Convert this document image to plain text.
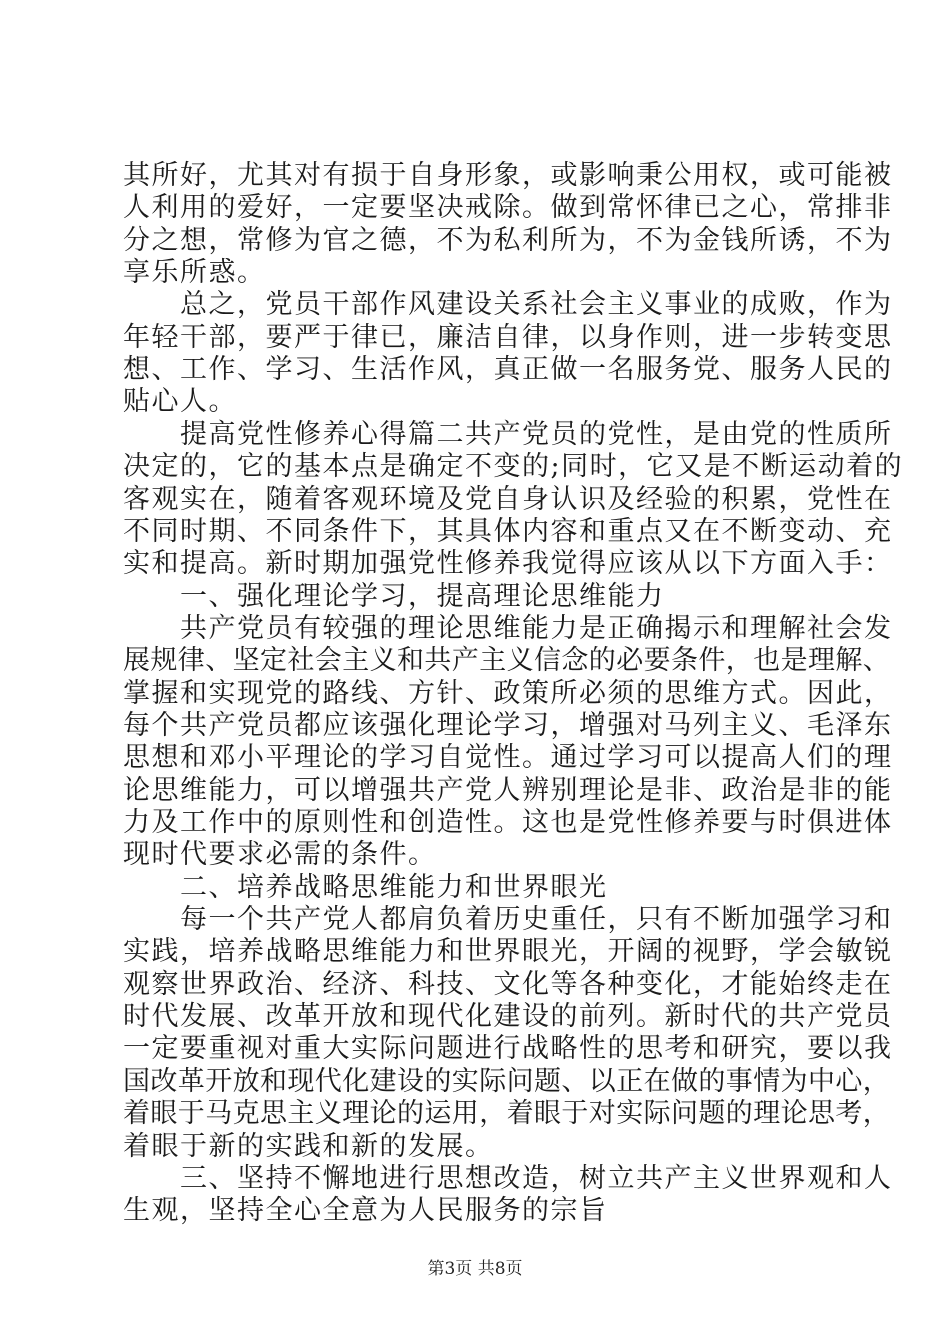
其所好，尤其对有损于自身形象，或影响秉公用权，或可能被
人利用的爱好，一定要坚决戒除。做到常怀律已之心，常排非
分之想，常修为官之德，不为私利所为，不为金钱所诱，不为
享乐所惑。
　　总之，党员干部作风建设关系社会主义事业的成败，作为
年轻干部，要严于律已，廉洁自律，以身作则，进一步转变思
想、工作、学习、生活作风，真正做一名服务党、服务人民的
贴心人。
　　提高党性修养心得篇二共产党员的党性，是由党的性质所
决定的，它的基本点是确定不变的;同时，它又是不断运动着的
客观实在，随着客观环境及党自身认识及经验的积累，党性在
不同时期、不同条件下，其具体内容和重点又在不断变动、充
实和提高。新时期加强党性修养我觉得应该从以下方面入手：
　　一、强化理论学习，提高理论思维能力
　　共产党员有较强的理论思维能力是正确揭示和理解社会发
展规律、坚定社会主义和共产主义信念的必要条件，也是理解、
掌握和实现党的路线、方针、政策所必须的思维方式。因此，
每个共产党员都应该强化理论学习，增强对马列主义、毛泽东
思想和邓小平理论的学习自觉性。通过学习可以提高人们的理
论思维能力，可以增强共产党人辨别理论是非、政治是非的能
力及工作中的原则性和创造性。这也是党性修养要与时俱进体
现时代要求必需的条件。
　　二、培养战略思维能力和世界眼光
　　每一个共产党人都肩负着历史重任，只有不断加强学习和
实践，培养战略思维能力和世界眼光，开阔的视野，学会敏锐
观察世界政治、经济、科技、文化等各种变化，才能始终走在
时代发展、改革开放和现代化建设的前列。新时代的共产党员
一定要重视对重大实际问题进行战略性的思考和研究，要以我
国改革开放和现代化建设的实际问题、以正在做的事情为中心，
着眼于马克思主义理论的运用，着眼于对实际问题的理论思考，
着眼于新的实践和新的发展。
　　三、坚持不懈地进行思想改造，树立共产主义世界观和人
生观，坚持全心全意为人民服务的宗旨
第3页 共8页
